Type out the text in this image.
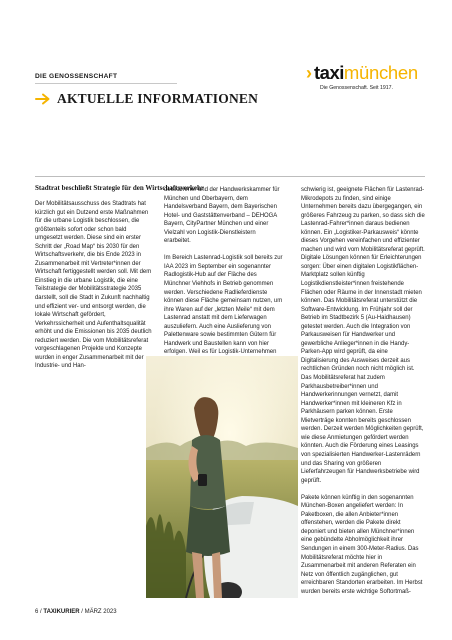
DIE GENOSSENSCHAFT
AKTUELLE INFORMATIONEN
› taxi münchen
Die Genossenschaft. Seit 1917.
Stadtrat beschließt Strategie für den Wirtschaftsverkehr

Der Mobilitätsausschuss des Stadtrats hat kürzlich gut ein Dutzend erste Maßnahmen für die urbane Logistik beschlossen, die größtenteils sofort oder schon bald umgesetzt werden. Diese sind ein erster Schritt der „Road Map“ bis 2030 für den Wirtschaftsverkehr, die bis Ende 2023 in Zusammenarbeit mit Vertreter*innen der Wirtschaft fertiggestellt werden soll. Mit dem Einstieg in die urbane Logistik, die eine Teilstrategie der Mobilitätsstrategie 2035 darstellt, soll die Stadt in Zukunft nachhaltig und effizient ver- und entsorgt werden, die lokale Wirtschaft gefördert, Verkehrssicherheit und Aufenthaltsqualität erhöht und die Emissionen bis 2035 deutlich reduziert werden. Die vom Mobilitätsreferat vorgeschlagenen Projekte und Konzepte wurden in enger Zusammenarbeit mit der Industrie- und Han-

delskammer und der Handwerkskammer für München und Oberbayern, dem Handelsverband Bayern, dem Bayerischen Hotel- und Gaststättenverband – DEHOGA Bayern, CityPartner München und einer Vielzahl von Logistik-Dienstleistern erarbeitet.

Im Bereich Lastenrad-Logistik soll bereits zur IAA 2023 im September ein sogenannter Radlogistik-Hub auf der Fläche des Münchner Viehhofs in Betrieb genommen werden. Verschiedene Radlieferdienste können diese Fläche gemeinsam nutzen, um ihre Waren auf der „letzten Meile“ mit dem Lastenrad anstatt mit dem Lieferwagen auszuliefern. Auch eine Auslieferung von Palettenware sowie bestimmten Gütern für Handwerk und Baustellen kann von hier erfolgen. Weil es für Logistik-Unternehmen

schwierig ist, geeignete Flächen für Lastenrad-Mikrodepots zu finden, sind einige Unternehmen bereits dazu übergegangen, ein größeres Fahrzeug zu parken, so dass sich die Lastenrad-Fahrer*innen daraus bedienen können. Ein „Logistiker-Parkausweis“ könnte dieses Vorgehen vereinfachen und effizienter machen und wird vom Mobilitätsreferat geprüft. Digitale Lösungen können für Erleichterungen sorgen: Über einen digitalen Logistikflächen-Marktplatz sollen künftig Logistikdienstleister*innen freistehende Flächen oder Räume in der Innenstadt mieten können. Das Mobilitätsreferat unterstützt die Software-Entwicklung. Im Frühjahr soll der Betrieb im Stadtbezirk 5 (Au-Haidhausen) getestet werden. Auch die Integration von Parkausweisen für Handwerker und gewerbliche Anlieger*innen in die Handy-Parken-App wird geprüft, da eine Digitalisierung des Ausweises derzeit aus rechtlichen Gründen noch nicht möglich ist. Das Mobilitätsreferat hat zudem Parkhausbetreiber*innen und Handwerkerinnungen vernetzt, damit Handwerker*innen mit kleineren Kfz in Parkhäusern parken können. Erste Mietverträge konnten bereits geschlossen werden. Derzeit werden Möglichkeiten geprüft, wie diese Anmietungen gefördert werden könnten. Auch die Förderung eines Leasings von spezialisierten Handwerker-Lastenrädern und das Sharing von größeren Lieferfahrzeugen für Handwerksbetriebe wird geprüft.

Pakete können künftig in den sogenannten München-Boxen angeliefert werden: In Paketboxen, die allen Anbieter*innen offenstehen, werden die Pakete direkt deponiert und bieten allen Münchner*innen eine gebündelte Abholmöglichkeit ihrer Sendungen in einem 300-Meter-Radius. Das Mobilitätsreferat möchte hier in Zusammenarbeit mit anderen Referaten ein Netz von öffentlich zugänglichen, gut erreichbaren Standorten erarbeiten. Im Herbst wurden bereits erste wichtige Softortmaß-

6 / TAXIKURIER / MÄRZ 2023
